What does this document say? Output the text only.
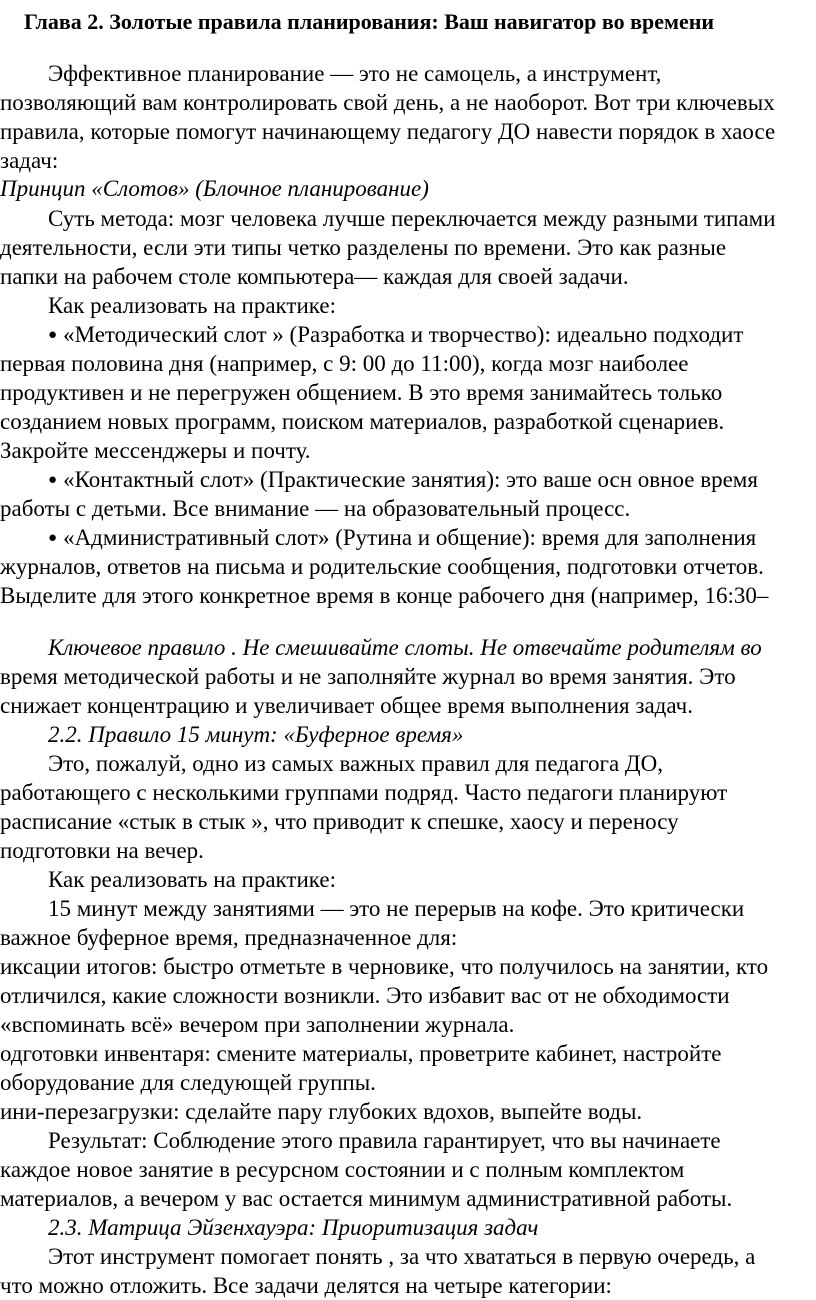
Глава 2. Золотые правила планирования: Ваш навигатор во времени
Эффективное планирование — это не самоцель, а инструмент,
позволяющий вам контролировать свой день, а не наоборот. Вот три ключевых
правила, которые помогут начинающему педагогу ДО навести порядок в хаосе
задач:
Принцип «Слотов» (Блочное планирование)
Суть метода: мозг человека лучше переключается между разными типами
деятельности, если эти типы четко разделены по времени. Это как разные
папки на рабочем столе компьютера— каждая для своей задачи.
Как реализовать на практике:
● «Методический слот » (Разработка и творчество): идеально подходит
первая половина дня (например, с 9: 00 до 11:00), когда мозг наиболее
продуктивен и не перегружен общением. В это время занимайтесь только
созданием новых программ, поиском материалов, разработкой сценариев.
Закройте мессенджеры и почту.
● «Контактный слот» (Практические занятия): это ваше осн овное время
работы с детьми. Все внимание — на образовательный процесс.
● «Административный слот» (Рутина и общение): время для заполнения
журналов, ответов на письма и родительские сообщения, подготовки отчетов.
Выделите для этого конкретное время в конце рабочего дня (например, 16:30–
Ключевое правило . Не смешивайте слоты. Не отвечайте родителям во
время методической работы и не заполняйте журнал во время занятия. Это
снижает концентрацию и увеличивает общее время выполнения задач.
2.2. Правило 15 минут: «Буферное время»
Это, пожалуй, одно из самых важных правил для педагога ДО,
работающего с несколькими группами подряд. Часто педагоги планируют
расписание «стык в стык », что приводит к спешке, хаосу и переносу
подготовки на вечер.
Как реализовать на практике:
15 минут между занятиями — это не перерыв на кофе. Это критически
важное буферное время, предназначенное для:
иксации итогов: быстро отметьте в черновике, что получилось на занятии, кто
отличился, какие сложности возникли. Это избавит вас от не обходимости
«вспоминать всё» вечером при заполнении журнала.
одготовки инвентаря: смените материалы, проветрите кабинет, настройте
оборудование для следующей группы.
ини-перезагрузки: сделайте пару глубоких вдохов, выпейте воды.
Результат: Соблюдение этого правила гарантирует, что вы начинаете
каждое новое занятие в ресурсном состоянии и с полным комплектом
материалов, а вечером у вас остается минимум административной работы.
2.3. Матрица Эйзенхауэра: Приоритизация задач
Этот инструмент помогает понять , за что хвататься в первую очередь, а
что можно отложить. Все задачи делятся на четыре категории:
